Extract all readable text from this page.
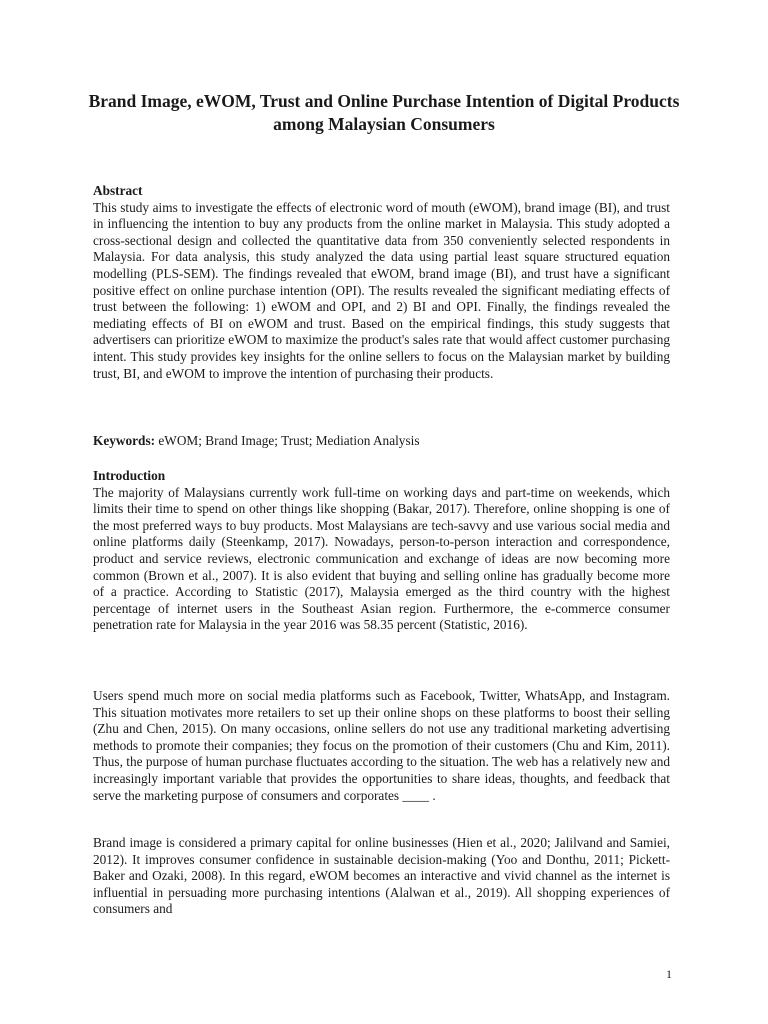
Brand Image, eWOM, Trust and Online Purchase Intention of Digital Products among Malaysian Consumers
Abstract
This study aims to investigate the effects of electronic word of mouth (eWOM), brand image (BI), and trust in influencing the intention to buy any products from the online market in Malaysia. This study adopted a cross-sectional design and collected the quantitative data from 350 conveniently selected respondents in Malaysia. For data analysis, this study analyzed the data using partial least square structured equation modelling (PLS-SEM). The findings revealed that eWOM, brand image (BI), and trust have a significant positive effect on online purchase intention (OPI). The results revealed the significant mediating effects of trust between the following: 1) eWOM and OPI, and 2) BI and OPI. Finally, the findings revealed the mediating effects of BI on eWOM and trust. Based on the empirical findings, this study suggests that advertisers can prioritize eWOM to maximize the product's sales rate that would affect customer purchasing intent. This study provides key insights for the online sellers to focus on the Malaysian market by building trust, BI, and eWOM to improve the intention of purchasing their products.
Keywords: eWOM; Brand Image; Trust; Mediation Analysis
Introduction

The majority of Malaysians currently work full-time on working days and part-time on weekends, which limits their time to spend on other things like shopping (Bakar, 2017). Therefore, online shopping is one of the most preferred ways to buy products. Most Malaysians are tech-savvy and use various social media and online platforms daily (Steenkamp, 2017). Nowadays, person-to-person interaction and correspondence, product and service reviews, electronic communication and exchange of ideas are now becoming more common (Brown et al., 2007). It is also evident that buying and selling online has gradually become more of a practice. According to Statistic (2017), Malaysia emerged as the third country with the highest percentage of internet users in the Southeast Asian region. Furthermore, the e-commerce consumer penetration rate for Malaysia in the year 2016 was 58.35 percent (Statistic, 2016).

Users spend much more on social media platforms such as Facebook, Twitter, WhatsApp, and Instagram. This situation motivates more retailers to set up their online shops on these platforms to boost their selling (Zhu and Chen, 2015). On many occasions, online sellers do not use any traditional marketing advertising methods to promote their companies; they focus on the promotion of their customers (Chu and Kim, 2011). Thus, the purpose of human purchase fluctuates according to the situation. The web has a relatively new and increasingly important variable that provides the opportunities to share ideas, thoughts, and feedback that serve the marketing purpose of consumers and corporates ____ .

Brand image is considered a primary capital for online businesses (Hien et al., 2020; Jalilvand and Samiei, 2012). It improves consumer confidence in sustainable decision-making (Yoo and Donthu, 2011; Pickett-Baker and Ozaki, 2008). In this regard, eWOM becomes an interactive and vivid channel as the internet is influential in persuading more purchasing intentions (Alalwan et al., 2019). All shopping experiences of consumers and

1
